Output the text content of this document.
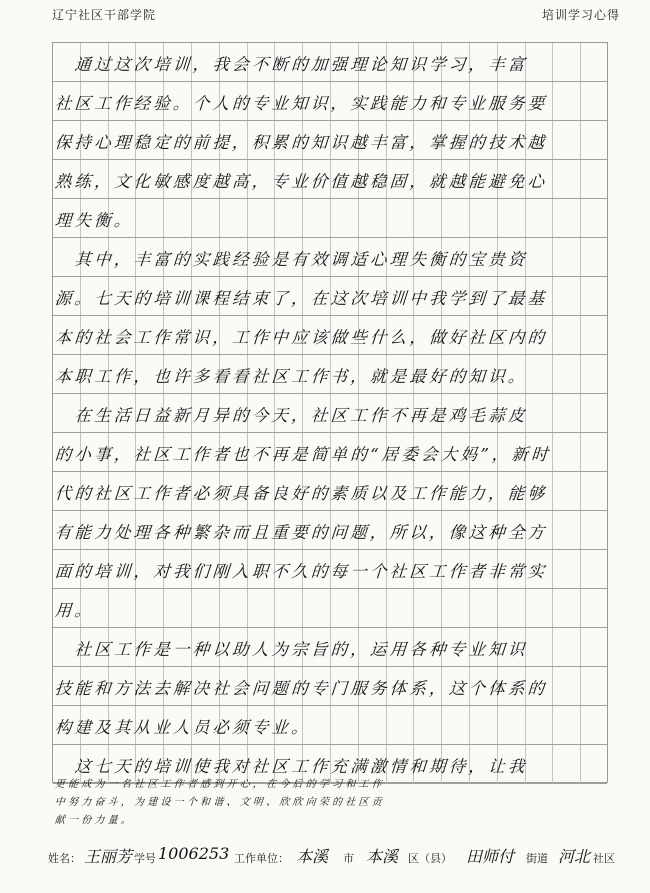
辽宁社区干部学院	培训学习心得
　通过这次培训，我会不断的加强理论知识学习，丰富
社区工作经验。个人的专业知识，实践能力和专业服务要
保持心理稳定的前提，积累的知识越丰富，掌握的技术越
熟练，文化敏感度越高，专业价值越稳固，就越能避免心
理失衡。
　其中，丰富的实践经验是有效调适心理失衡的宝贵资
源。七天的培训课程结束了，在这次培训中我学到了最基
本的社会工作常识，工作中应该做些什么，做好社区内的
本职工作，也许多看看社区工作书，就是最好的知识。
　在生活日益新月异的今天，社区工作不再是鸡毛蒜皮
的小事，社区工作者也不再是简单的“居委会大妈”，新时
代的社区工作者必须具备良好的素质以及工作能力，能够
有能力处理各种繁杂而且重要的问题，所以，像这种全方
面的培训，对我们刚入职不久的每一个社区工作者非常实
用。
　社区工作是一种以助人为宗旨的，运用各种专业知识
技能和方法去解决社会问题的专门服务体系，这个体系的
构建及其从业人员必须专业。
　这七天的培训使我对社区工作充满激情和期待，让我
更能成为一名社区工作者感到开心，在今后的学习和工作
中努力奋斗，为建设一个和谐、文明、欣欣向荣的社区贡
献一份力量。
姓名： 王丽芳 学号 1006253 工作单位： 本溪 市 本溪 区（县） 田师付 街道 河北 社区
